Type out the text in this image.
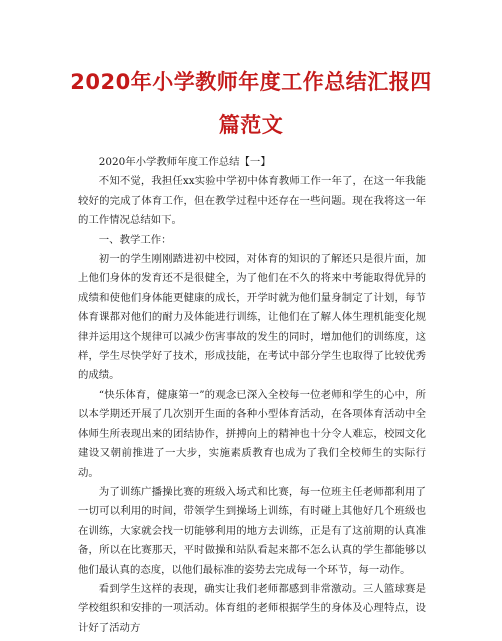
2020年小学教师年度工作总结汇报四
篇范文

2020年小学教师年度工作总结【一】

不知不觉，我担任xx实验中学初中体育教师工作一年了，在这一年我能较好的完成了体育工作，但在教学过程中还存在一些问题。现在我将这一年的工作情况总结如下。

一、教学工作：

初一的学生刚刚踏进初中校园，对体育的知识的了解还只是很片面，加上他们身体的发育还不是很健全，为了他们在不久的将来中考能取得优异的成绩和使他们身体能更健康的成长，开学时就为他们量身制定了计划，每节体育课都对他们的耐力及体能进行训练，让他们在了解人体生理机能变化规律并运用这个规律可以减少伤害事故的发生的同时，增加他们的训练度，这样，学生尽快学好了技术，形成技能，在考试中部分学生也取得了比较优秀的成绩。

“快乐体育，健康第一”的观念已深入全校每一位老师和学生的心中，所以本学期还开展了几次别开生面的各种小型体育活动，在各项体育活动中全体师生所表现出来的团结协作，拼搏向上的精神也十分令人难忘，校园文化建设又朝前推进了一大步，实施素质教育也成为了我们全校师生的实际行动。

为了训练广播操比赛的班级入场式和比赛，每一位班主任老师都利用了一切可以利用的时间，带领学生到操场上训练，有时碰上其他好几个班级也在训练，大家就会找一切能够利用的地方去训练，正是有了这前期的认真准备，所以在比赛那天，平时做操和站队看起来都不怎么认真的学生都能够以他们最认真的态度，以他们最标准的姿势去完成每一个环节，每一动作。

看到学生这样的表现，确实让我们老师都感到非常激动。三人篮球赛是学校组织和安排的一项活动。体育组的老师根据学生的身体及心理特点，设计好了活动方
